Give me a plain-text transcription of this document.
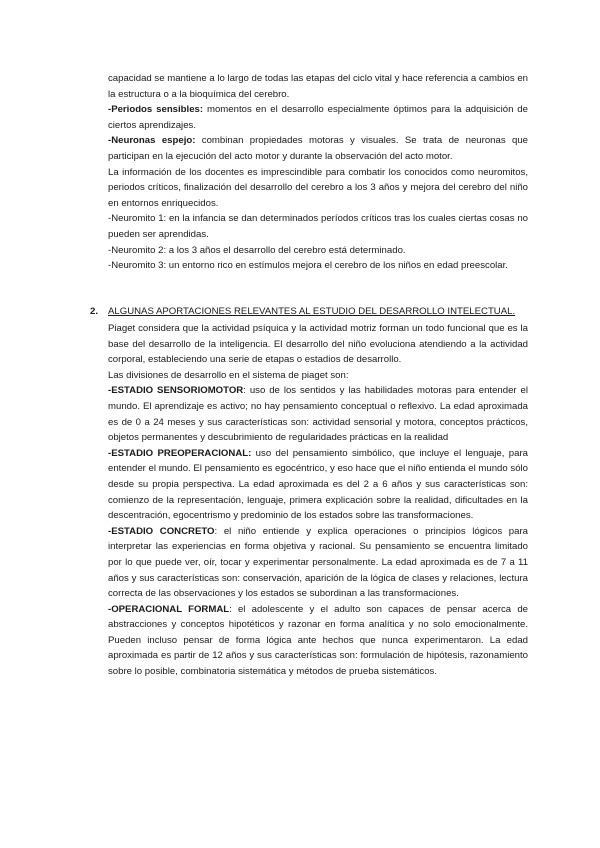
capacidad se mantiene a lo largo de todas las etapas del ciclo vital y hace referencia a cambios en la estructura o a la bioquímica del cerebro.

-Periodos sensibles: momentos en el desarrollo especialmente óptimos para la adquisición de ciertos aprendizajes.

-Neuronas espejo: combinan propiedades motoras y visuales. Se trata de neuronas que participan en la ejecución del acto motor y durante la observación del acto motor.

La información de los docentes es imprescindible para combatir los conocidos como neuromitos, periodos críticos, finalización del desarrollo del cerebro a los 3 años y mejora del cerebro del niño en entornos enriquecidos.

-Neuromito 1: en la infancia se dan determinados períodos críticos tras los cuales ciertas cosas no pueden ser aprendidas.

-Neuromito 2: a los 3 años el desarrollo del cerebro está determinado.

-Neuromito 3: un entorno rico en estímulos mejora el cerebro de los niños en edad preescolar.

2. ALGUNAS APORTACIONES RELEVANTES AL ESTUDIO DEL DESARROLLO INTELECTUAL.

Piaget considera que la actividad psíquica y la actividad motriz forman un todo funcional que es la base del desarrollo de la inteligencia. El desarrollo del niño evoluciona atendiendo a la actividad corporal, estableciendo una serie de etapas o estadios de desarrollo.

Las divisiones de desarrollo en el sistema de piaget son:

-ESTADIO SENSORIOMOTOR: uso de los sentidos y las habilidades motoras para entender el mundo. El aprendizaje es activo; no hay pensamiento conceptual o reflexivo. La edad aproximada es de 0 a 24 meses y sus características son: actividad sensorial y motora, conceptos prácticos, objetos permanentes y descubrimiento de regularidades prácticas en la realidad

-ESTADIO PREOPERACIONAL: uso del pensamiento simbólico, que incluye el lenguaje, para entender el mundo. El pensamiento es egocéntrico, y eso hace que el niño entienda el mundo sólo desde su propia perspectiva. La edad aproximada es del 2 a 6 años y sus características son: comienzo de la representación, lenguaje, primera explicación sobre la realidad, dificultades en la descentración, egocentrismo y predominio de los estados sobre las transformaciones.

-ESTADIO CONCRETO: el niño entiende y explica operaciones o principios lógicos para interpretar las experiencias en forma objetiva y racional. Su pensamiento se encuentra limitado por lo que puede ver, oír, tocar y experimentar personalmente. La edad aproximada es de 7 a 11 años y sus características son: conservación, aparición de la lógica de clases y relaciones, lectura correcta de las observaciones y los estados se subordinan a las transformaciones.

-OPERACIONAL FORMAL: el adolescente y el adulto son capaces de pensar acerca de abstracciones y conceptos hipotéticos y razonar en forma analítica y no solo emocionalmente. Pueden incluso pensar de forma lógica ante hechos que nunca experimentaron. La edad aproximada es partir de 12 años y sus características son: formulación de hipótesis, razonamiento sobre lo posible, combinatoria sistemática y métodos de prueba sistemáticos.
